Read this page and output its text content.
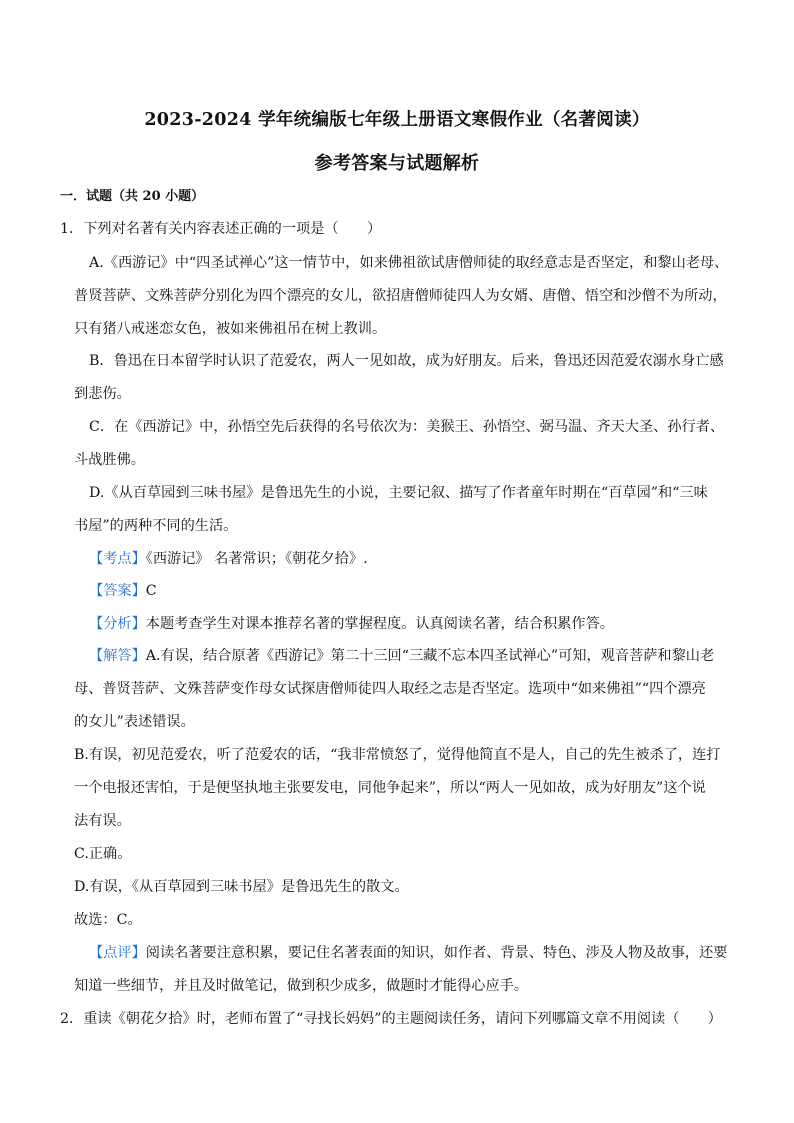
2023-2024 学年统编版七年级上册语文寒假作业（名著阅读）
参考答案与试题解析
一．试题（共 20 小题）
1．下列对名著有关内容表述正确的一项是（　　）
A.《西游记》中“四圣试禅心”这一情节中，如来佛祖欲试唐僧师徒的取经意志是否坚定，和黎山老母、
普贤菩萨、文殊菩萨分别化为四个漂亮的女儿，欲招唐僧师徒四人为女婿、唐僧、悟空和沙僧不为所动，
只有猪八戒迷恋女色，被如来佛祖吊在树上教训。
B．鲁迅在日本留学时认识了范爱农，两人一见如故，成为好朋友。后来，鲁迅还因范爱农溺水身亡感
到悲伤。
C．在《西游记》中，孙悟空先后获得的名号依次为：美猴王、孙悟空、弼马温、齐天大圣、孙行者、
斗战胜佛。
D.《从百草园到三味书屋》是鲁迅先生的小说，主要记叙、描写了作者童年时期在“百草园”和“三味
书屋”的两种不同的生活。
【考点】《西游记》 名著常识；《朝花夕拾》.
【答案】C
【分析】本题考查学生对课本推荐名著的掌握程度。认真阅读名著，结合积累作答。
【解答】A.有误，结合原著《西游记》第二十三回“三藏不忘本四圣试禅心”可知，观音菩萨和黎山老
母、普贤菩萨、文殊菩萨变作母女试探唐僧师徒四人取经之志是否坚定。选项中“如来佛祖”“四个漂亮
的女儿”表述错误。
B.有误，初见范爱农，听了范爱农的话，“我非常愤怒了，觉得他简直不是人，自己的先生被杀了，连打
一个电报还害怕，于是便坚执地主张要发电，同他争起来”，所以“两人一见如故，成为好朋友”这个说
法有误。
C.正确。
D.有误，《从百草园到三味书屋》是鲁迅先生的散文。
故选：C。
【点评】阅读名著要注意积累，要记住名著表面的知识，如作者、背景、特色、涉及人物及故事，还要
知道一些细节，并且及时做笔记，做到积少成多，做题时才能得心应手。
2．重读《朝花夕拾》时，老师布置了“寻找长妈妈”的主题阅读任务，请问下列哪篇文章不用阅读（　　）
